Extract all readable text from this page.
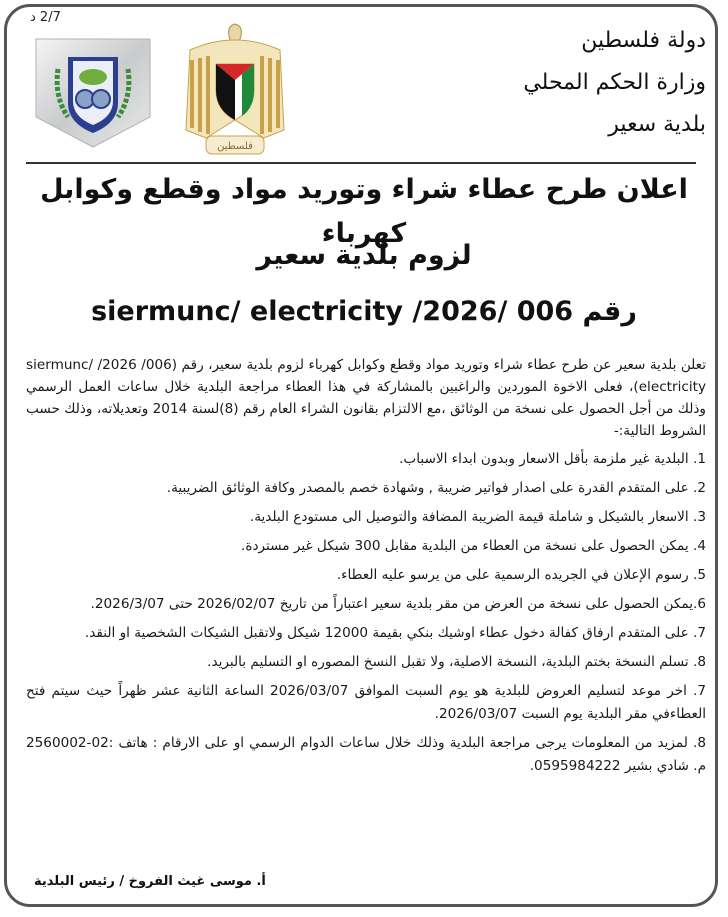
2/7 د
دولة فلسطين
وزارة الحكم المحلي
بلدية سعير
فلسطين
اعلان طرح عطاء شراء وتوريد مواد وقطع وكوابل كهرباء
لزوم بلدية سعير
رقم 006 /2026/ siermunc/ electricity

تعلن بلدية سعير عن طرح عطاء شراء وتوريد مواد وقطع وكوابل كهرباء لزوم بلدية سعير، رقم (006/ 2026/ siermunc/ electricity)، فعلى الاخوة الموردين والراغبين بالمشاركة في هذا العطاء مراجعة البلدية خلال ساعات العمل الرسمي وذلك من أجل الحصول على نسخة من الوثائق ،مع الالتزام بقانون الشراء العام رقم (8)لسنة 2014 وتعديلاته، وذلك حسب الشروط التالية:-

1. البلدية غير ملزمة بأقل الاسعار وبدون ابداء الاسباب.

2. على المتقدم القدرة على اصدار فواتير ضريبة , وشهادة خصم بالمصدر وكافة الوثائق الضريبية.

3. الاسعار بالشيكل و شاملة قيمة الضريبة المضافة والتوصيل الى مستودع البلدية.

4. يمكن الحصول على نسخة من العطاء من البلدية مقابل 300 شيكل غير مستردة.

5. رسوم الإعلان في الجريده الرسمية على من يرسو عليه العطاء.

6.يمكن الحصول على نسخة من العرض من مقر بلدية سعير اعتباراً من تاريخ 2026/02/07 حتى 2026/3/07.

7. على المتقدم ارفاق كفالة دخول عطاء اوشيك بنكي بقيمة 12000 شيكل ولاتقبل الشيكات الشخصية او النقد.

8. تسلم النسخة بختم البلدية، النسخة الاصلية، ولا تقبل النسخ المصوره او التسليم بالبريد.

7. اخر موعد لتسليم العروض للبلدية هو يوم السبت الموافق 2026/03/07 الساعة الثانية عشر ظهراً حيث سيتم فتح العطاءفي مقر البلدية يوم السبت 2026/03/07.

8. لمزيد من المعلومات يرجى مراجعة البلدية وذلك خلال ساعات الدوام الرسمي او على الارقام : هاتف :02-2560002 م. شادي بشير 0595984222.

أ. موسى غيث الفروخ / رئيس البلدية
